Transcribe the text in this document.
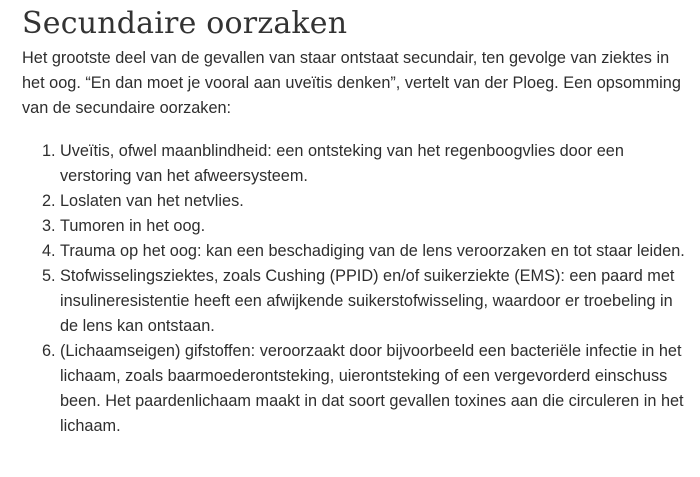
Secundaire oorzaken

Het grootste deel van de gevallen van staar ontstaat secundair, ten gevolge van ziektes in het oog. “En dan moet je vooral aan uveïtis denken”, vertelt van der Ploeg. Een opsomming van de secundaire oorzaken:

1. Uveïtis, ofwel maanblindheid: een ontsteking van het regenboogvlies door een verstoring van het afweersysteem.
2. Loslaten van het netvlies.
3. Tumoren in het oog.
4. Trauma op het oog: kan een beschadiging van de lens veroorzaken en tot staar leiden.
5. Stofwisselingsziektes, zoals Cushing (PPID) en/of suikerziekte (EMS): een paard met insulineresistentie heeft een afwijkende suikerstofwisseling, waardoor er troebeling in de lens kan ontstaan.
6. (Lichaamseigen) gifstoffen: veroorzaakt door bijvoorbeeld een bacteriële infectie in het lichaam, zoals baarmoederontsteking, uierontsteking of een vergevorderd einschuss been. Het paardenlichaam maakt in dat soort gevallen toxines aan die circuleren in het lichaam.
